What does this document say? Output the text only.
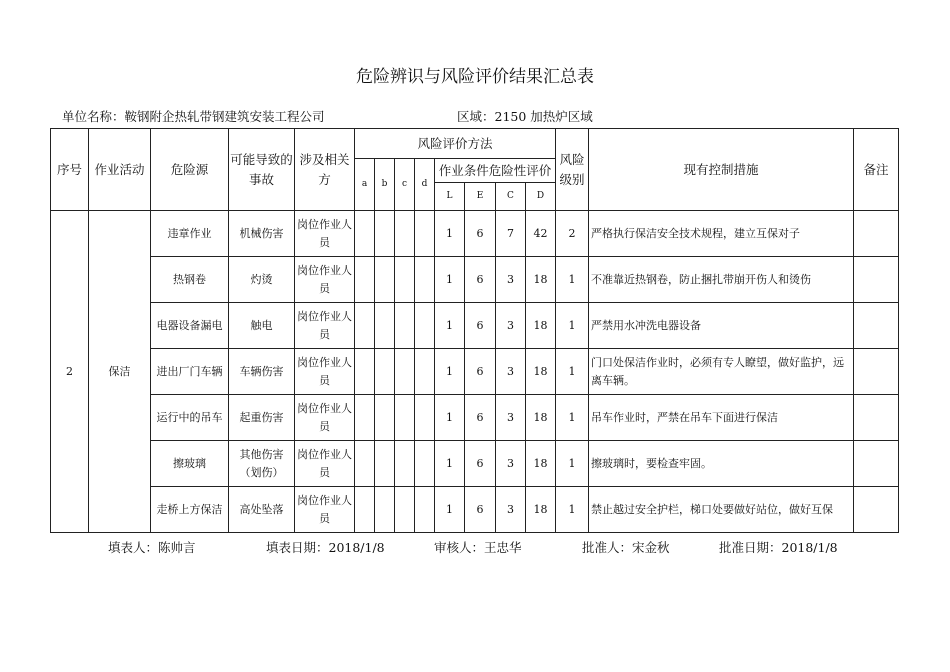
危险辨识与风险评价结果汇总表
单位名称：鞍钢附企热轧带钢建筑安装工程公司	区域：2150 加热炉区域
序号	作业活动	危险源	可能导致的事故	涉及相关方	风险评价方法								风险级别	现有控制措施	备注
					a	b	c	d	作业条件危险性评价						
									L	E	C	D			
2	保洁	违章作业	机械伤害	岗位作业人员					1	6	7	42	2	严格执行保洁安全技术规程，建立互保对子	
		热钢卷	灼烫	岗位作业人员					1	6	3	18	1	不准靠近热钢卷，防止捆扎带崩开伤人和烫伤	
		电器设备漏电	触电	岗位作业人员					1	6	3	18	1	严禁用水冲洗电器设备	
		进出厂门车辆	车辆伤害	岗位作业人员					1	6	3	18	1	门口处保洁作业时，必须有专人瞭望，做好监护，远离车辆。	
		运行中的吊车	起重伤害	岗位作业人员					1	6	3	18	1	吊车作业时，严禁在吊车下面进行保洁	
		擦玻璃	其他伤害（划伤）	岗位作业人员					1	6	3	18	1	擦玻璃时，要检查牢固。	
		走桥上方保洁	高处坠落	岗位作业人员					1	6	3	18	1	禁止越过安全护栏，梯口处要做好站位，做好互保	
填表人：陈帅言	填表日期：2018/1/8	审核人：王忠华	批准人：宋金秋	批准日期：2018/1/8
